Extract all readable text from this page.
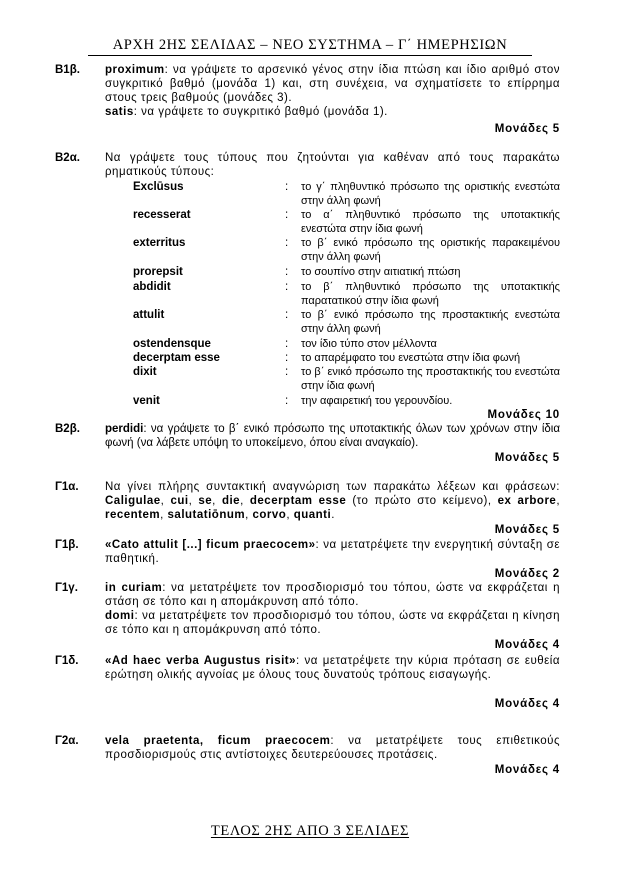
ΑΡΧΗ 2ΗΣ ΣΕΛΙΔΑΣ – ΝΕΟ ΣΥΣΤΗΜΑ – Γ΄ ΗΜΕΡΗΣΙΩΝ
Β1β. proximum: να γράψετε το αρσενικό γένος στην ίδια πτώση και ίδιο αριθμό στον συγκριτικό βαθμό (μονάδα 1) και, στη συνέχεια, να σχηματίσετε το επίρρημα στους τρεις βαθμούς (μονάδες 3).
satis: να γράψετε το συγκριτικό βαθμό (μονάδα 1).
Μονάδες 5
Β2α. Να γράψετε τους τύπους που ζητούνται για καθέναν από τους παρακάτω ρηματικούς τύπους:
Exclūsus	: το γ΄ πληθυντικό πρόσωπο της οριστικής ενεστώτα στην άλλη φωνή
recesserat	: το α΄ πληθυντικό πρόσωπο της υποτακτικής ενεστώτα στην ίδια φωνή
exterritus	: το β΄ ενικό πρόσωπο της οριστικής παρακειμένου στην άλλη φωνή
prorepsit	: το σουπίνο στην αιτιατική πτώση
abdidit	: το β΄ πληθυντικό πρόσωπο της υποτακτικής παρατατικού στην ίδια φωνή
attulit	: το β΄ ενικό πρόσωπο της προστακτικής ενεστώτα στην άλλη φωνή
ostendensque	: τον ίδιο τύπο στον μέλλοντα
decerptam esse	: το απαρέμφατο του ενεστώτα στην ίδια φωνή
dixit	: το β΄ ενικό πρόσωπο της προστακτικής του ενεστώτα στην ίδια φωνή
venit	: την αφαιρετική του γερουνδίου.
Μονάδες 10
Β2β. perdidi: να γράψετε το β΄ ενικό πρόσωπο της υποτακτικής όλων των χρόνων στην ίδια φωνή (να λάβετε υπόψη το υποκείμενο, όπου είναι αναγκαίο).
Μονάδες 5
Γ1α. Να γίνει πλήρης συντακτική αναγνώριση των παρακάτω λέξεων και φράσεων: Caligulae, cui, se, die, decerptam esse (το πρώτο στο κείμενο), ex arbore, recentem, salutatiōnum, corvo, quanti.
Μονάδες 5
Γ1β. «Cato attulit [...] ficum praecocem»: να μετατρέψετε την ενεργητική σύνταξη σε παθητική.
Μονάδες 2
Γ1γ. in curiam: να μετατρέψετε τον προσδιορισμό του τόπου, ώστε να εκφράζεται η στάση σε τόπο και η απομάκρυνση από τόπο.
domi: να μετατρέψετε τον προσδιορισμό του τόπου, ώστε να εκφράζεται η κίνηση σε τόπο και η απομάκρυνση από τόπο.
Μονάδες 4
Γ1δ. «Ad haec verba Augustus risit»: να μετατρέψετε την κύρια πρόταση σε ευθεία ερώτηση ολικής αγνοίας με όλους τους δυνατούς τρόπους εισαγωγής.
Μονάδες 4
Γ2α. vela praetenta, ficum praecocem: να μετατρέψετε τους επιθετικούς προσδιορισμούς στις αντίστοιχες δευτερεύουσες προτάσεις.
Μονάδες 4
ΤΕΛΟΣ 2ΗΣ ΑΠΟ 3 ΣΕΛΙΔΕΣ
